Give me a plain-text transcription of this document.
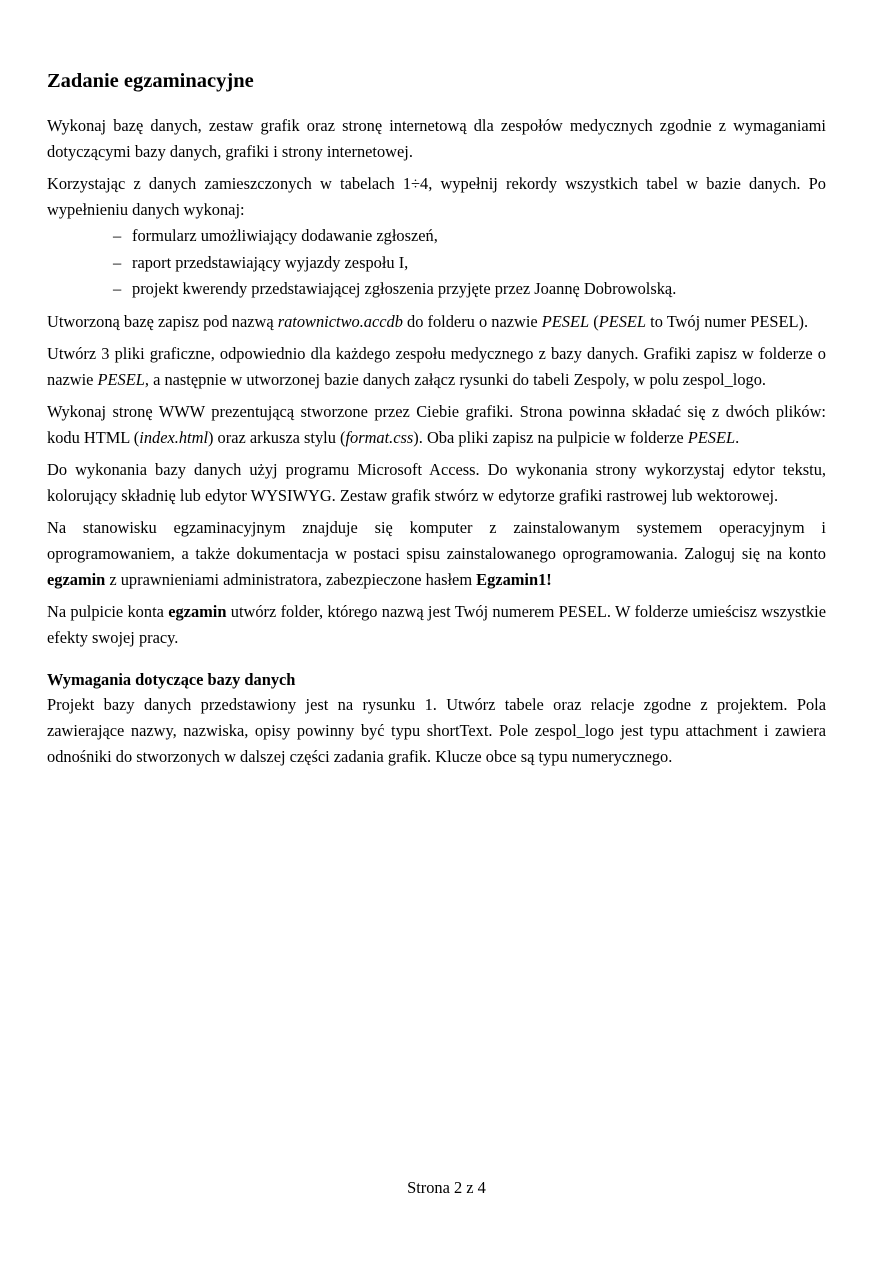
Zadanie egzaminacyjne

Wykonaj bazę danych, zestaw grafik oraz stronę internetową dla zespołów medycznych zgodnie z wymaganiami dotyczącymi bazy danych, grafiki i strony internetowej.

Korzystając z danych zamieszczonych w tabelach 1÷4, wypełnij rekordy wszystkich tabel w bazie danych. Po wypełnieniu danych wykonaj:

– formularz umożliwiający dodawanie zgłoszeń,
– raport przedstawiający wyjazdy zespołu I,
– projekt kwerendy przedstawiającej zgłoszenia przyjęte przez Joannę Dobrowolską.

Utworzoną bazę zapisz pod nazwą ratownictwo.accdb do folderu o nazwie PESEL (PESEL to Twój numer PESEL).

Utwórz 3 pliki graficzne, odpowiednio dla każdego zespołu medycznego z bazy danych. Grafiki zapisz w folderze o nazwie PESEL, a następnie w utworzonej bazie danych załącz rysunki do tabeli Zespoly, w polu zespol_logo.

Wykonaj stronę WWW prezentującą stworzone przez Ciebie grafiki. Strona powinna składać się z dwóch plików: kodu HTML (index.html) oraz arkusza stylu (format.css). Oba pliki zapisz na pulpicie w folderze PESEL.

Do wykonania bazy danych użyj programu Microsoft Access. Do wykonania strony wykorzystaj edytor tekstu, kolorujący składnię lub edytor WYSIWYG. Zestaw grafik stwórz w edytorze grafiki rastrowej lub wektorowej.

Na stanowisku egzaminacyjnym znajduje się komputer z zainstalowanym systemem operacyjnym i oprogramowaniem, a także dokumentacja w postaci spisu zainstalowanego oprogramowania. Zaloguj się na konto egzamin z uprawnieniami administratora, zabezpieczone hasłem Egzamin1!

Na pulpicie konta egzamin utwórz folder, którego nazwą jest Twój numerem PESEL. W folderze umieścisz wszystkie efekty swojej pracy.

Wymagania dotyczące bazy danych

Projekt bazy danych przedstawiony jest na rysunku 1. Utwórz tabele oraz relacje zgodne z projektem. Pola zawierające nazwy, nazwiska, opisy powinny być typu shortText. Pole zespol_logo jest typu attachment i zawiera odnośniki do stworzonych w dalszej części zadania grafik. Klucze obce są typu numerycznego.

Strona 2 z 4
